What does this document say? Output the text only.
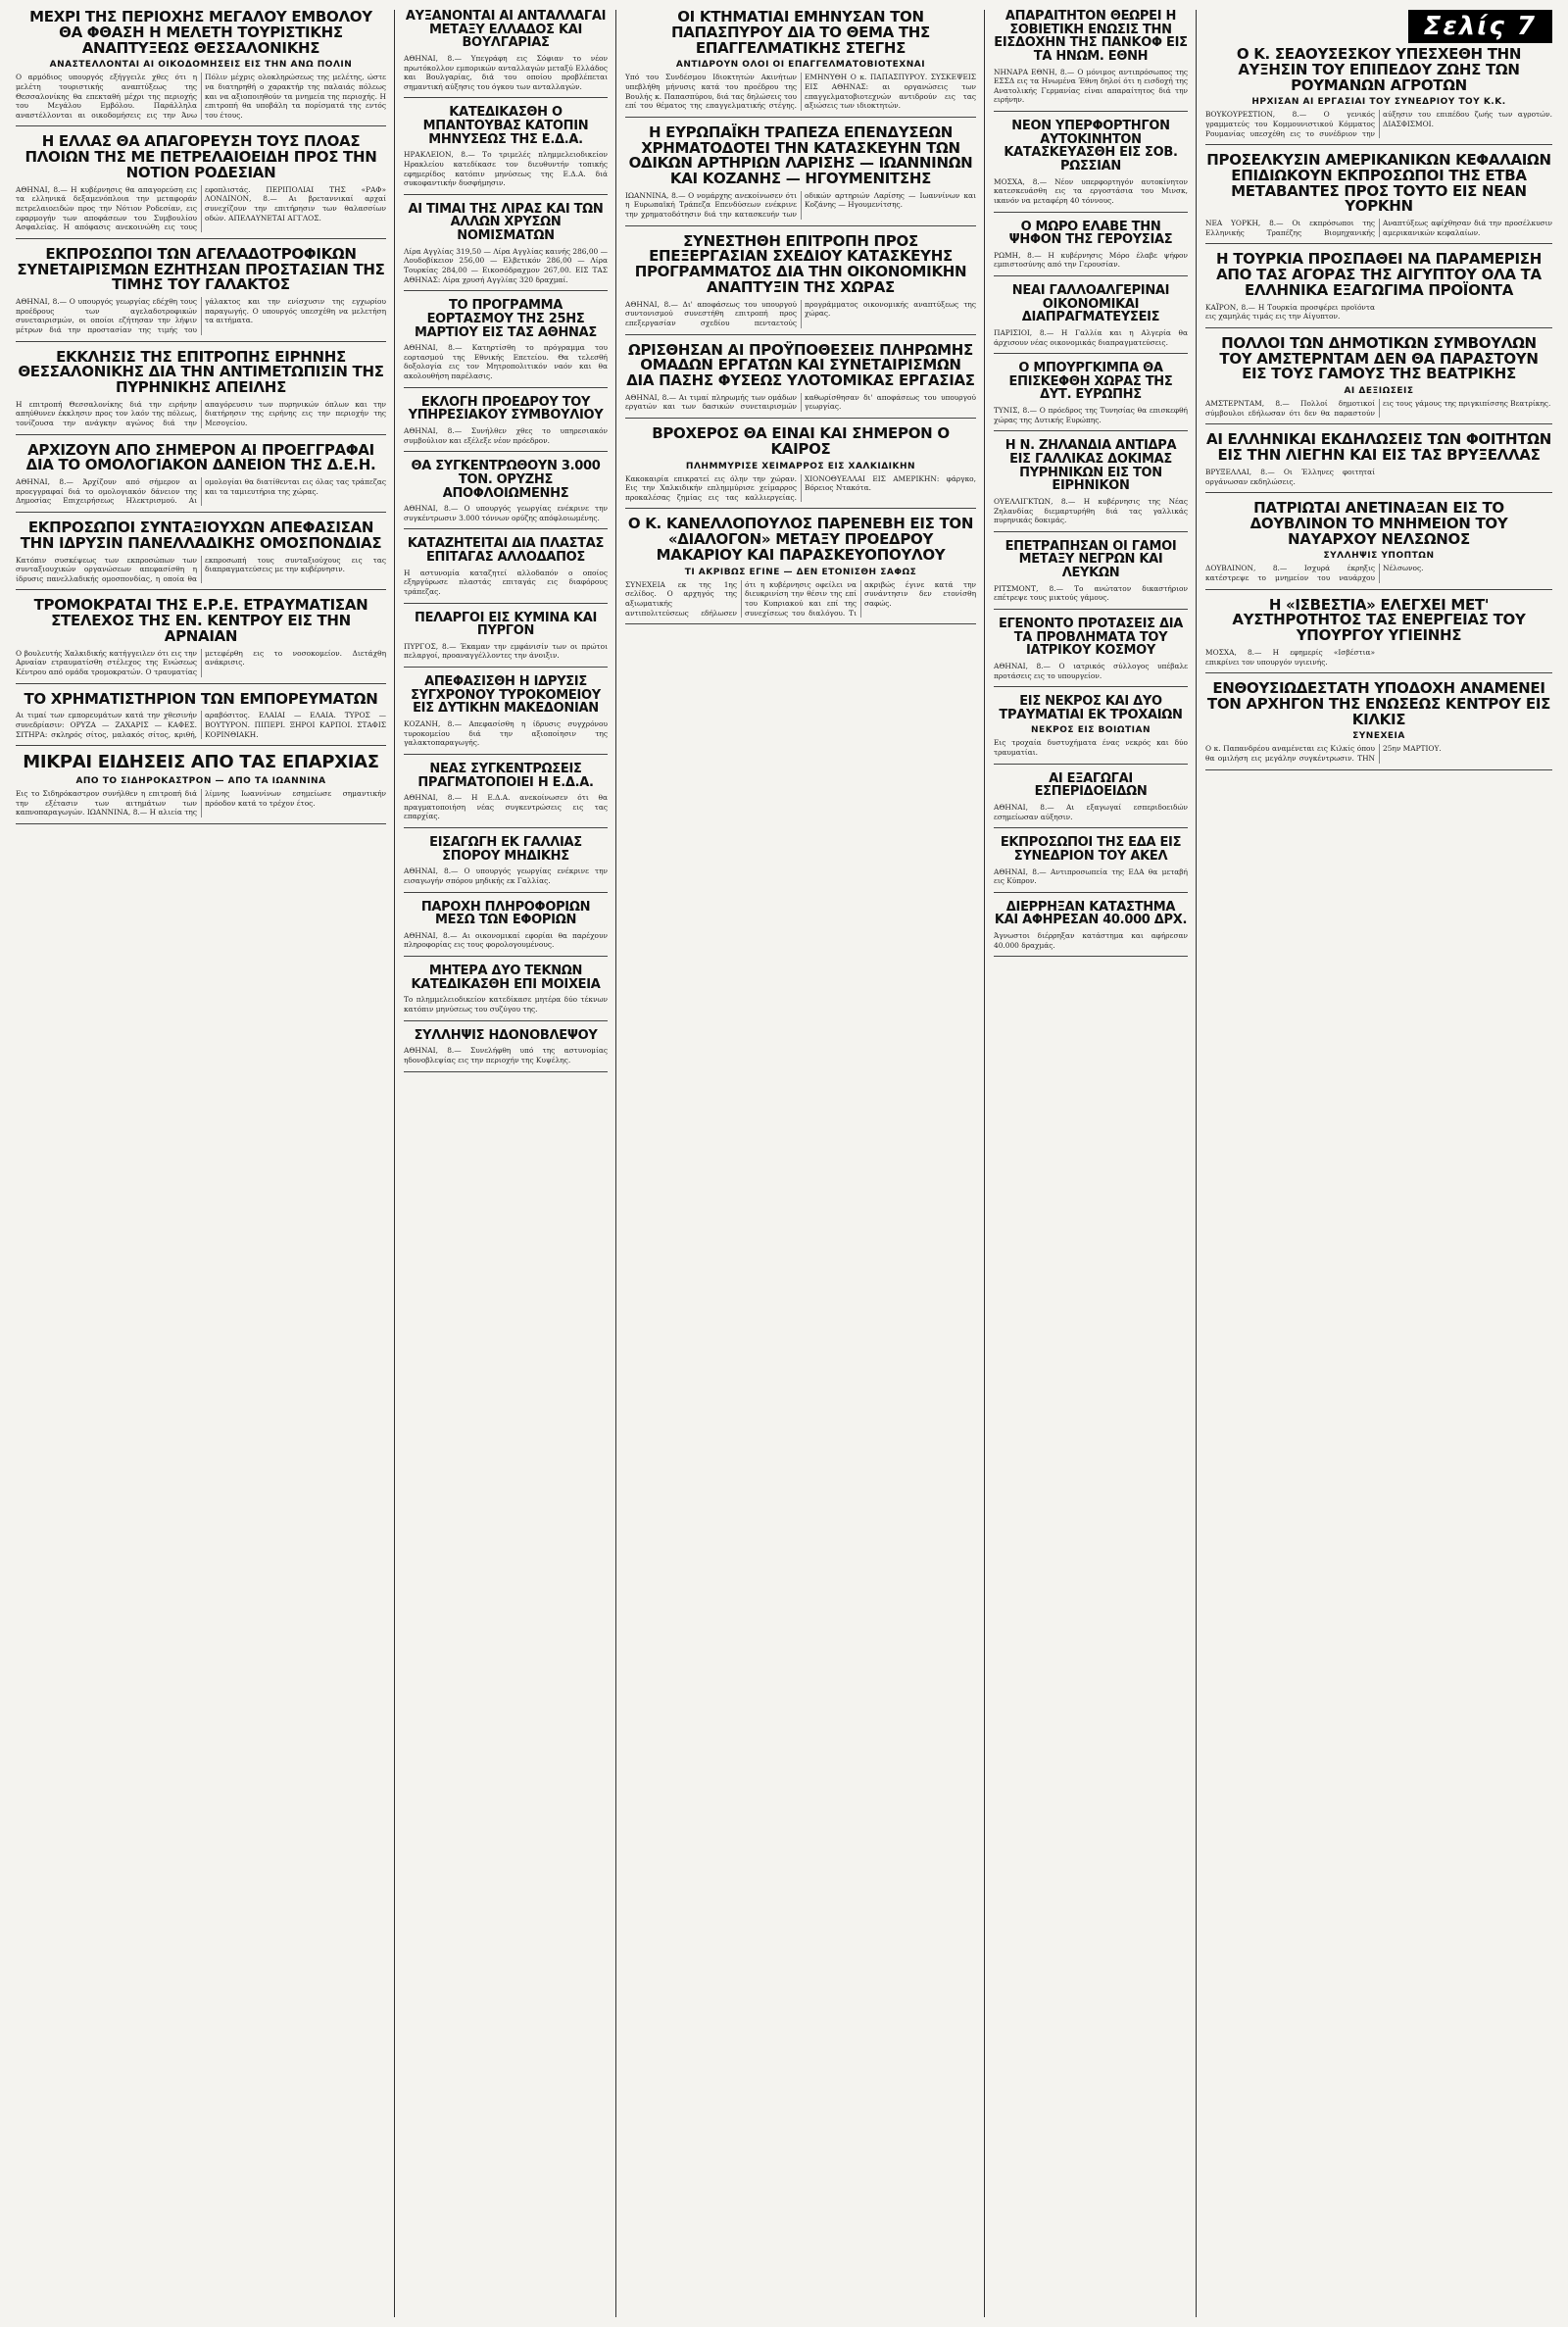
ΜΕΧΡΙ ΤΗΣ ΠΕΡΙΟΧΗΣ ΜΕΓΑΛΟΥ ΕΜΒΟΛΟΥ ΘΑ ΦΘΑΣΗ Η ΜΕΛΕΤΗ ΤΟΥΡΙΣΤΙΚΗΣ ΑΝΑΠΤΥΞΕΩΣ ΘΕΣΣΑΛΟΝΙΚΗΣ
ΑΝΑΣΤΕΛΛΟΝΤΑΙ ΑΙ ΟΙΚΟΔΟΜΗΣΕΙΣ ΕΙΣ ΤΗΝ ΑΝΩ ΠΟΛΙΝ

Ο αρμόδιος υπουργός εξήγγειλε χθες ότι η μελέτη τουριστικής αναπτύξεως της Θεσσαλονίκης θα επεκταθή μέχρι της περιοχής του Μεγάλου Εμβόλου. Παράλληλα αναστέλλονται αι οικοδομήσεις εις την Άνω Πόλιν μέχρις ολοκληρώσεως της μελέτης, ώστε να διατηρηθή ο χαρακτήρ της παλαιάς πόλεως και να αξιοποιηθούν τα μνημεία της περιοχής. Η επιτροπή θα υποβάλη τα πορίσματά της εντός του έτους.

Η ΕΛΛΑΣ ΘΑ ΑΠΑΓΟΡΕΥΣΗ ΤΟΥΣ ΠΛΟΑΣ ΠΛΟΙΩΝ ΤΗΣ ΜΕ ΠΕΤΡΕΛΑΙΟΕΙΔΗ ΠΡΟΣ ΤΗΝ ΝΟΤΙΟΝ ΡΟΔΕΣΙΑΝ

ΑΘΗΝΑΙ, 8.— Η κυβέρνησις θα απαγορεύση εις τα ελληνικά δεξαμενόπλοια την μεταφοράν πετρελαιοειδών προς την Νότιον Ροδεσίαν, εις εφαρμογήν των αποφάσεων του Συμβουλίου Ασφαλείας. Η απόφασις ανεκοινώθη εις τους εφοπλιστάς. ΠΕΡΙΠΟΛΙΑΙ ΤΗΣ «ΡΑΦ» ΛΟΝΔΙΝΟΝ, 8.— Αι βρεταννικαί αρχαί συνεχίζουν την επιτήρησιν των θαλασσίων οδών. ΑΠΕΛΑΥΝΕΤΑΙ ΑΓΓΛΟΣ.

ΕΚΠΡΟΣΩΠΟΙ ΤΩΝ ΑΓΕΛΑΔΟΤΡΟΦΙΚΩΝ ΣΥΝΕΤΑΙΡΙΣΜΩΝ ΕΖΗΤΗΣΑΝ ΠΡΟΣΤΑΣΙΑΝ ΤΗΣ ΤΙΜΗΣ ΤΟΥ ΓΑΛΑΚΤΟΣ

ΑΘΗΝΑΙ, 8.— Ο υπουργός γεωργίας εδέχθη τους προέδρους των αγελαδοτροφικών συνεταιρισμών, οι οποίοι εζήτησαν την λήψιν μέτρων διά την προστασίαν της τιμής του γάλακτος και την ενίσχυσιν της εγχωρίου παραγωγής. Ο υπουργός υπεσχέθη να μελετήση τα αιτήματα.

ΕΚΚΛΗΣΙΣ ΤΗΣ ΕΠΙΤΡΟΠΗΣ ΕΙΡΗΝΗΣ ΘΕΣΣΑΛΟΝΙΚΗΣ ΔΙΑ ΤΗΝ ΑΝΤΙΜΕΤΩΠΙΣΙΝ ΤΗΣ ΠΥΡΗΝΙΚΗΣ ΑΠΕΙΛΗΣ

Η επιτροπή Θεσσαλονίκης διά την ειρήνην απηύθυνεν έκκλησιν προς τον λαόν της πόλεως, τονίζουσα την ανάγκην αγώνος διά την απαγόρευσιν των πυρηνικών όπλων και την διατήρησιν της ειρήνης εις την περιοχήν της Μεσογείου.

ΑΡΧΙΖΟΥΝ ΑΠΟ ΣΗΜΕΡΟΝ ΑΙ ΠΡΟΕΓΓΡΑΦΑΙ ΔΙΑ ΤΟ ΟΜΟΛΟΓΙΑΚΟΝ ΔΑΝΕΙΟΝ ΤΗΣ Δ.Ε.Η.

ΑΘΗΝΑΙ, 8.— Άρχίζουν από σήμερον αι προεγγραφαί διά το ομολογιακόν δάνειον της Δημοσίας Επιχειρήσεως Ηλεκτρισμού. Αι ομολογίαι θα διατίθενται εις όλας τας τράπεζας και τα ταμιευτήρια της χώρας.

ΕΚΠΡΟΣΩΠΟΙ ΣΥΝΤΑΞΙΟΥΧΩΝ ΑΠΕΦΑΣΙΣΑΝ ΤΗΝ ΙΔΡΥΣΙΝ ΠΑΝΕΛΛΑΔΙΚΗΣ ΟΜΟΣΠΟΝΔΙΑΣ

Κατόπιν συσκέψεως των εκπροσώπων των συνταξιουχικών οργανώσεων απεφασίσθη η ίδρυσις πανελλαδικής ομοσπονδίας, η οποία θα εκπροσωπή τους συνταξιούχους εις τας διαπραγματεύσεις με την κυβέρνησιν.

ΤΡΟΜΟΚΡΑΤΑΙ ΤΗΣ Ε.Ρ.Ε. ΕΤΡΑΥΜΑΤΙΣΑΝ ΣΤΕΛΕΧΟΣ ΤΗΣ ΕΝ. ΚΕΝΤΡΟΥ ΕΙΣ ΤΗΝ ΑΡΝΑΙΑΝ

Ο βουλευτής Χαλκιδικής κατήγγειλεν ότι εις την Αρναίαν ετραυματίσθη στέλεχος της Ενώσεως Κέντρου από ομάδα τρομοκρατών. Ο τραυματίας μετεφέρθη εις το νοσοκομείον. Διετάχθη ανάκρισις.

ΤΟ ΧΡΗΜΑΤΙΣΤΗΡΙΟΝ ΤΩΝ ΕΜΠΟΡΕΥΜΑΤΩΝ

Αι τιμαί των εμπορευμάτων κατά την χθεσινήν συνεδρίασιν: ΟΡΥΖΑ — ΖΑΧΑΡΙΣ — ΚΑΦΕΣ. ΣΙΤΗΡΑ: σκληρός σίτος, μαλακός σίτος, κριθή, αραβόσιτος. ΕΛΑΙΑΙ — ΕΛΑΙΑ. ΤΥΡΟΣ — ΒΟΥΤΥΡΟΝ. ΠΙΠΕΡΙ. ΞΗΡΟΙ ΚΑΡΠΟΙ. ΣΤΑΦΙΣ ΚΟΡΙΝΘΙΑΚΗ.

ΜΙΚΡΑΙ ΕΙΔΗΣΕΙΣ ΑΠΟ ΤΑΣ ΕΠΑΡΧΙΑΣ
ΑΠΟ ΤΟ ΣΙΔΗΡΟΚΑΣΤΡΟΝ — ΑΠΟ ΤΑ ΙΩΑΝΝΙΝΑ

Εις το Σιδηρόκαστρον συνήλθεν η επιτροπή διά την εξέτασιν των αιτημάτων των καπνοπαραγωγών. ΙΩΑΝΝΙΝΑ, 8.— Η αλιεία της λίμνης Ιωαννίνων εσημείωσε σημαντικήν πρόοδον κατά το τρέχον έτος.

ΑΥΞΑΝΟΝΤΑΙ ΑΙ ΑΝΤΑΛΛΑΓΑΙ ΜΕΤΑΞΥ ΕΛΛΑΔΟΣ ΚΑΙ ΒΟΥΛΓΑΡΙΑΣ

ΑΘΗΝΑΙ, 8.— Υπεγράφη εις Σόφιαν το νέον πρωτόκολλον εμπορικών ανταλλαγών μεταξύ Ελλάδος και Βουλγαρίας, διά του οποίου προβλέπεται σημαντική αύξησις του όγκου των ανταλλαγών.

ΚΑΤΕΔΙΚΑΣΘΗ Ο ΜΠΑΝΤΟΥΒΑΣ ΚΑΤΟΠΙΝ ΜΗΝΥΣΕΩΣ ΤΗΣ Ε.Δ.Α.

ΗΡΑΚΛΕΙΟΝ, 8.— Το τριμελές πλημμελειοδικείον Ηρακλείου κατεδίκασε τον διευθυντήν τοπικής εφημερίδος κατόπιν μηνύσεως της Ε.Δ.Α. διά συκοφαντικήν δυσφήμησιν.

ΑΙ ΤΙΜΑΙ ΤΗΣ ΛΙΡΑΣ ΚΑΙ ΤΩΝ ΑΛΛΩΝ ΧΡΥΣΩΝ ΝΟΜΙΣΜΑΤΩΝ

Λίρα Αγγλίας 319,50 — Λίρα Αγγλίας καινής 286,00 — Λουδοβίκειον 256,00 — Ελβετικόν 286,00 — Λίρα Τουρκίας 284,00 — Εικοσόδραχμον 267,00. ΕΙΣ ΤΑΣ ΑΘΗΝΑΣ: Λίρα χρυσή Αγγλίας 320 δραχμαί.

ΤΟ ΠΡΟΓΡΑΜΜΑ ΕΟΡΤΑΣΜΟΥ ΤΗΣ 25ΗΣ ΜΑΡΤΙΟΥ ΕΙΣ ΤΑΣ ΑΘΗΝΑΣ

ΑΘΗΝΑΙ, 8.— Κατηρτίσθη το πρόγραμμα του εορτασμού της Εθνικής Επετείου. Θα τελεσθή δοξολογία εις τον Μητροπολιτικόν ναόν και θα ακολουθήση παρέλασις.

ΕΚΛΟΓΗ ΠΡΟΕΔΡΟΥ ΤΟΥ ΥΠΗΡΕΣΙΑΚΟΥ ΣΥΜΒΟΥΛΙΟΥ

ΑΘΗΝΑΙ, 8.— Συνήλθεν χθες το υπηρεσιακόν συμβούλιον και εξέλεξε νέον πρόεδρον.

ΘΑ ΣΥΓΚΕΝΤΡΩΘΟΥΝ 3.000 ΤΟΝ. ΟΡΥΖΗΣ ΑΠΟΦΛΟΙΩΜΕΝΗΣ

ΑΘΗΝΑΙ, 8.— Ο υπουργός γεωργίας ενέκρινε την συγκέντρωσιν 3.000 τόννων ορύζης απόφλοιωμένης.

ΚΑΤΑΖΗΤΕΙΤΑΙ ΔΙΑ ΠΛΑΣΤΑΣ ΕΠΙΤΑΓΑΣ ΑΛΛΟΔΑΠΟΣ

Η αστυνομία καταζητεί αλλοδαπόν ο οποίος εξηργύρωσε πλαστάς επιταγάς εις διαφόρους τράπεζας.

ΠΕΛΑΡΓΟΙ ΕΙΣ ΚΥΜΙΝΑ ΚΑΙ ΠΥΡΓΟΝ

ΠΥΡΓΟΣ, 8.— Έκαμαν την εμφάνισίν των οι πρώτοι πελαργοί, προαναγγέλλοντες την άνοιξιν.

ΑΠΕΦΑΣΙΣΘΗ Η ΙΔΡΥΣΙΣ ΣΥΓΧΡΟΝΟΥ ΤΥΡΟΚΟΜΕΙΟΥ ΕΙΣ ΔΥΤΙΚΗΝ ΜΑΚΕΔΟΝΙΑΝ

ΚΟΖΑΝΗ, 8.— Απεφασίσθη η ίδρυσις συγχρόνου τυροκομείου διά την αξιοποίησιν της γαλακτοπαραγωγής.

ΝΕΑΣ ΣΥΓΚΕΝΤΡΩΣΕΙΣ ΠΡΑΓΜΑΤΟΠΟΙΕΙ Η Ε.Δ.Α.

ΑΘΗΝΑΙ, 8.— Η Ε.Δ.Α. ανεκοίνωσεν ότι θα πραγματοποιήση νέας συγκεντρώσεις εις τας επαρχίας.

ΕΙΣΑΓΩΓΗ ΕΚ ΓΑΛΛΙΑΣ ΣΠΟΡΟΥ ΜΗΔΙΚΗΣ

ΑΘΗΝΑΙ, 8.— Ο υπουργός γεωργίας ενέκρινε την εισαγωγήν σπόρου μηδικής εκ Γαλλίας.

ΠΑΡΟΧΗ ΠΛΗΡΟΦΟΡΙΩΝ ΜΕΣΩ ΤΩΝ ΕΦΟΡΙΩΝ

ΑΘΗΝΑΙ, 8.— Αι οικονομικαί εφορίαι θα παρέχουν πληροφορίας εις τους φορολογουμένους.

ΜΗΤΕΡΑ ΔΥΟ ΤΕΚΝΩΝ ΚΑΤΕΔΙΚΑΣΘΗ ΕΠΙ ΜΟΙΧΕΙΑ

Το πλημμελειοδικείον κατεδίκασε μητέρα δύο τέκνων κατόπιν μηνύσεως του συζύγου της.

ΣΥΛΛΗΨΙΣ ΗΔΟΝΟΒΛΕΨΟΥ

ΑΘΗΝΑΙ, 8.— Συνελήφθη υπό της αστυνομίας ηδονοβλεψίας εις την περιοχήν της Κυψέλης.

ΟΙ ΚΤΗΜΑΤΙΑΙ ΕΜΗΝΥΣΑΝ ΤΟΝ ΠΑΠΑΣΠΥΡΟΥ ΔΙΑ ΤΟ ΘΕΜΑ ΤΗΣ ΕΠΑΓΓΕΛΜΑΤΙΚΗΣ ΣΤΕΓΗΣ
ΑΝΤΙΔΡΟΥΝ ΟΛΟΙ ΟΙ ΕΠΑΓΓΕΛΜΑΤΟΒΙΟΤΕΧΝΑΙ

Υπό του Συνδέσμου Ιδιοκτητών Ακινήτων υπεβλήθη μήνυσις κατά του προέδρου της Βουλής κ. Παπασπύρου, διά τας δηλώσεις του επί του θέματος της επαγγελματικής στέγης. ΕΜΗΝΥΘΗ Ο κ. ΠΑΠΑΣΠΥΡΟΥ. ΣΥΣΚΕΨΕΙΣ ΕΙΣ ΑΘΗΝΑΣ: αι οργανώσεις των επαγγελματοβιοτεχνών αντιδρούν εις τας αξιώσεις των ιδιοκτητών.

Η ΕΥΡΩΠΑΪΚΗ ΤΡΑΠΕΖΑ ΕΠΕΝΔΥΣΕΩΝ ΧΡΗΜΑΤΟΔΟΤΕΙ ΤΗΝ ΚΑΤΑΣΚΕΥΗΝ ΤΩΝ ΟΔΙΚΩΝ ΑΡΤΗΡΙΩΝ ΛΑΡΙΣΗΣ — ΙΩΑΝΝΙΝΩΝ ΚΑΙ ΚΟΖΑΝΗΣ — ΗΓΟΥΜΕΝΙΤΣΗΣ

ΙΩΑΝΝΙΝΑ, 8.— Ο νομάρχης ανεκοίνωσεν ότι η Ευρωπαϊκή Τράπεζα Επενδύσεων ενέκρινε την χρηματοδότησιν διά την κατασκευήν των οδικών αρτηριών Λαρίσης — Ιωαννίνων και Κοζάνης — Ηγουμενίτσης.

ΣΥΝΕΣΤΗΘΗ ΕΠΙΤΡΟΠΗ ΠΡΟΣ ΕΠΕΞΕΡΓΑΣΙΑΝ ΣΧΕΔΙΟΥ ΚΑΤΑΣΚΕΥΗΣ ΠΡΟΓΡΑΜΜΑΤΟΣ ΔΙΑ ΤΗΝ ΟΙΚΟΝΟΜΙΚΗΝ ΑΝΑΠΤΥΞΙΝ ΤΗΣ ΧΩΡΑΣ

ΑΘΗΝΑΙ, 8.— Δι' αποφάσεως του υπουργού συντονισμού συνεστήθη επιτροπή προς επεξεργασίαν σχεδίου πενταετούς προγράμματος οικονομικής αναπτύξεως της χώρας.

ΩΡΙΣΘΗΣΑΝ ΑΙ ΠΡΟΫΠΟΘΕΣΕΙΣ ΠΛΗΡΩΜΗΣ ΟΜΑΔΩΝ ΕΡΓΑΤΩΝ ΚΑΙ ΣΥΝΕΤΑΙΡΙΣΜΩΝ ΔΙΑ ΠΑΣΗΣ ΦΥΣΕΩΣ ΥΛΟΤΟΜΙΚΑΣ ΕΡΓΑΣΙΑΣ

ΑΘΗΝΑΙ, 8.— Αι τιμαί πληρωμής των ομάδων εργατών και των δασικών συνεταιρισμών καθωρίσθησαν δι' αποφάσεως του υπουργού γεωργίας.

ΒΡΟΧΕΡΟΣ ΘΑ ΕΙΝΑΙ ΚΑΙ ΣΗΜΕΡΟΝ Ο ΚΑΙΡΟΣ
ΠΛΗΜΜΥΡΙΣΕ ΧΕΙΜΑΡΡΟΣ ΕΙΣ ΧΑΛΚΙΔΙΚΗΝ

Κακοκαιρία επικρατεί εις όλην την χώραν. Εις την Χαλκιδικήν επλημμύρισε χείμαρρος προκαλέσας ζημίας εις τας καλλιεργείας. ΧΙΟΝΟΘΥΕΛΛΑΙ ΕΙΣ ΑΜΕΡΙΚΗΝ: φάργκο, Βόρειος Ντακότα.

Ο Κ. ΚΑΝΕΛΛΟΠΟΥΛΟΣ ΠΑΡΕΝΕΒΗ ΕΙΣ ΤΟΝ «ΔΙΑΛΟΓΟΝ» ΜΕΤΑΞΥ ΠΡΟΕΔΡΟΥ ΜΑΚΑΡΙΟΥ ΚΑΙ ΠΑΡΑΣΚΕΥΟΠΟΥΛΟΥ
ΤΙ ΑΚΡΙΒΩΣ ΕΓΙΝΕ — ΔΕΝ ΕΤΟΝΙΣΘΗ ΣΑΦΩΣ

ΣΥΝΕΧΕΙΑ εκ της 1ης σελίδος. Ο αρχηγός της αξιωματικής αντιπολιτεύσεως εδήλωσεν ότι η κυβέρνησις οφείλει να διευκρινίση την θέσιν της επί του Κυπριακού και επί της συνεχίσεως του διαλόγου. Τι ακριβώς έγινε κατά την συνάντησιν δεν ετονίσθη σαφώς.

ΑΠΑΡΑΙΤΗΤΟΝ ΘΕΩΡΕΙ Η ΣΟΒΙΕΤΙΚΗ ΕΝΩΣΙΣ ΤΗΝ ΕΙΣΔΟΧΗΝ ΤΗΣ ΠΑΝΚΟΦ ΕΙΣ ΤΑ ΗΝΩΜ. ΕΘΝΗ

ΝΗΝΑΡΑ ΕΘΝΗ, 8.— Ο μόνιμος αντιπρόσωπος της ΕΣΣΔ εις τα Ηνωμένα Έθνη δηλοί ότι η εισδοχή της Ανατολικής Γερμανίας είναι απαραίτητος διά την ειρήνην.

ΝΕΟΝ ΥΠΕΡΦΟΡΤΗΓΟΝ ΑΥΤΟΚΙΝΗΤΟΝ ΚΑΤΑΣΚΕΥΑΣΘΗ ΕΙΣ ΣΟΒ. ΡΩΣΣΙΑΝ

ΜΟΣΧΑ, 8.— Νέον υπερφορτηγόν αυτοκίνητον κατεσκευάσθη εις τα εργοστάσια του Μινσκ, ικανόν να μεταφέρη 40 τόννους.

Ο ΜΩΡΟ ΕΛΑΒΕ ΤΗΝ ΨΗΦΟΝ ΤΗΣ ΓΕΡΟΥΣΙΑΣ

ΡΩΜΗ, 8.— Η κυβέρνησις Μόρο έλαβε ψήφον εμπιστοσύνης από την Γερουσίαν.

ΝΕΑΙ ΓΑΛΛΟΑΛΓΕΡΙΝΑΙ ΟΙΚΟΝΟΜΙΚΑΙ ΔΙΑΠΡΑΓΜΑΤΕΥΣΕΙΣ

ΠΑΡΙΣΙΟΙ, 8.— Η Γαλλία και η Αλγερία θα άρχισουν νέας οικονομικάς διαπραγματεύσεις.

Ο ΜΠΟΥΡΓΚΙΜΠΑ ΘΑ ΕΠΙΣΚΕΦΘΗ ΧΩΡΑΣ ΤΗΣ ΔΥΤ. ΕΥΡΩΠΗΣ

ΤΥΝΙΣ, 8.— Ο πρόεδρος της Τυνησίας θα επισκεφθή χώρας της Δυτικής Ευρώπης.

Η Ν. ΖΗΛΑΝΔΙΑ ΑΝΤΙΔΡΑ ΕΙΣ ΓΑΛΛΙΚΑΣ ΔΟΚΙΜΑΣ ΠΥΡΗΝΙΚΩΝ ΕΙΣ ΤΟΝ ΕΙΡΗΝΙΚΟΝ

ΟΥΕΛΛΙΓΚΤΩΝ, 8.— Η κυβέρνησις της Νέας Ζηλανδίας διεμαρτυρήθη διά τας γαλλικάς πυρηνικάς δοκιμάς.

ΕΠΕΤΡΑΠΗΣΑΝ ΟΙ ΓΑΜΟΙ ΜΕΤΑΞΥ ΝΕΓΡΩΝ ΚΑΙ ΛΕΥΚΩΝ

ΡΙΤΣΜΟΝΤ, 8.— Το ανώτατον δικαστήριον επέτρεψε τους μικτούς γάμους.

ΕΓΕΝΟΝΤΟ ΠΡΟΤΑΣΕΙΣ ΔΙΑ ΤΑ ΠΡΟΒΛΗΜΑΤΑ ΤΟΥ ΙΑΤΡΙΚΟΥ ΚΟΣΜΟΥ

ΑΘΗΝΑΙ, 8.— Ο ιατρικός σύλλογος υπέβαλε προτάσεις εις το υπουργείον.

ΕΙΣ ΝΕΚΡΟΣ ΚΑΙ ΔΥΟ ΤΡΑΥΜΑΤΙΑΙ ΕΚ ΤΡΟΧΑΙΩΝ
ΝΕΚΡΟΣ ΕΙΣ ΒΟΙΩΤΙΑΝ

Εις τροχαία δυστυχήματα ένας νεκρός και δύο τραυματίαι.

ΑΙ ΕΞΑΓΩΓΑΙ ΕΣΠΕΡΙΔΟΕΙΔΩΝ

ΑΘΗΝΑΙ, 8.— Αι εξαγωγαί εσπεριδοειδών εσημείωσαν αύξησιν.

ΕΚΠΡΟΣΩΠΟΙ ΤΗΣ ΕΔΑ ΕΙΣ ΣΥΝΕΔΡΙΟΝ ΤΟΥ ΑΚΕΛ

ΑΘΗΝΑΙ, 8.— Αντιπροσωπεία της ΕΔΑ θα μεταβή εις Κύπρον.

ΔΙΕΡΡΗΞΑΝ ΚΑΤΑΣΤΗΜΑ ΚΑΙ ΑΦΗΡΕΣΑΝ 40.000 ΔΡΧ.

Άγνωστοι διέρρηξαν κατάστημα και αφήρεσαν 40.000 δραχμάς.

Σελίς 7
Ο Κ. ΣΕΑΟΥΣΕΣΚΟΥ ΥΠΕΣΧΕΘΗ ΤΗΝ ΑΥΞΗΣΙΝ ΤΟΥ ΕΠΙΠΕΔΟΥ ΖΩΗΣ ΤΩΝ ΡΟΥΜΑΝΩΝ ΑΓΡΟΤΩΝ
ΗΡΧΙΣΑΝ ΑΙ ΕΡΓΑΣΙΑΙ ΤΟΥ ΣΥΝΕΔΡΙΟΥ ΤΟΥ Κ.Κ.

ΒΟΥΚΟΥΡΕΣΤΙΟΝ, 8.— Ο γενικός γραμματεύς του Κομμουνιστικού Κόμματος Ρουμανίας υπεσχέθη εις το συνέδριον την αύξησιν του επιπέδου ζωής των αγροτών. ΔΙΑΣΦΙΣΜΟΙ.

ΠΡΟΣΕΛΚΥΣΙΝ ΑΜΕΡΙΚΑΝΙΚΩΝ ΚΕΦΑΛΑΙΩΝ ΕΠΙΔΙΩΚΟΥΝ ΕΚΠΡΟΣΩΠΟΙ ΤΗΣ ΕΤΒΑ ΜΕΤΑΒΑΝΤΕΣ ΠΡΟΣ ΤΟΥΤΟ ΕΙΣ ΝΕΑΝ ΥΟΡΚΗΝ

ΝΕΑ ΥΟΡΚΗ, 8.— Οι εκπρόσωποι της Ελληνικής Τραπέζης Βιομηχανικής Αναπτύξεως αφίχθησαν διά την προσέλκυσιν αμερικανικών κεφαλαίων.

Η ΤΟΥΡΚΙΑ ΠΡΟΣΠΑΘΕΙ ΝΑ ΠΑΡΑΜΕΡΙΣΗ ΑΠΟ ΤΑΣ ΑΓΟΡΑΣ ΤΗΣ ΑΙΓΥΠΤΟΥ ΟΛΑ ΤΑ ΕΛΛΗΝΙΚΑ ΕΞΑΓΩΓΙΜΑ ΠΡΟΪΟΝΤΑ

ΚΑΪΡΟΝ, 8.— Η Τουρκία προσφέρει προϊόντα εις χαμηλάς τιμάς εις την Αίγυπτον.

ΠΟΛΛΟΙ ΤΩΝ ΔΗΜΟΤΙΚΩΝ ΣΥΜΒΟΥΛΩΝ ΤΟΥ ΑΜΣΤΕΡΝΤΑΜ ΔΕΝ ΘΑ ΠΑΡΑΣΤΟΥΝ ΕΙΣ ΤΟΥΣ ΓΑΜΟΥΣ ΤΗΣ ΒΕΑΤΡΙΚΗΣ
ΑΙ ΔΕΞΙΩΣΕΙΣ

ΑΜΣΤΕΡΝΤΑΜ, 8.— Πολλοί δημοτικοί σύμβουλοι εδήλωσαν ότι δεν θα παραστούν εις τους γάμους της πριγκιπίσσης Βεατρίκης.

ΑΙ ΕΛΛΗΝΙΚΑΙ ΕΚΔΗΛΩΣΕΙΣ ΤΩΝ ΦΟΙΤΗΤΩΝ ΕΙΣ ΤΗΝ ΛΙΕΓΗΝ ΚΑΙ ΕΙΣ ΤΑΣ ΒΡΥΞΕΛΛΑΣ

ΒΡΥΞΕΛΛΑΙ, 8.— Οι Έλληνες φοιτηταί οργάνωσαν εκδηλώσεις.

ΠΑΤΡΙΩΤΑΙ ΑΝΕΤΙΝΑΞΑΝ ΕΙΣ ΤΟ ΔΟΥΒΛΙΝΟΝ ΤΟ ΜΝΗΜΕΙΟΝ ΤΟΥ ΝΑΥΑΡΧΟΥ ΝΕΛΣΩΝΟΣ
ΣΥΛΛΗΨΙΣ ΥΠΟΠΤΩΝ

ΔΟΥΒΛΙΝΟΝ, 8.— Ισχυρά έκρηξις κατέστρεψε το μνημείον του ναυάρχου Νέλσωνος.

Η «ΙΣΒΕΣΤΙΑ» ΕΛΕΓΧΕΙ ΜΕΤ' ΑΥΣΤΗΡΟΤΗΤΟΣ ΤΑΣ ΕΝΕΡΓΕΙΑΣ ΤΟΥ ΥΠΟΥΡΓΟΥ ΥΓΙΕΙΝΗΣ

ΜΟΣΧΑ, 8.— Η εφημερίς «Ισβέστια» επικρίνει τον υπουργόν υγιεινής.

ΕΝΘΟΥΣΙΩΔΕΣΤΑΤΗ ΥΠΟΔΟΧΗ ΑΝΑΜΕΝΕΙ ΤΟΝ ΑΡΧΗΓΟΝ ΤΗΣ ΕΝΩΣΕΩΣ ΚΕΝΤΡΟΥ ΕΙΣ ΚΙΛΚΙΣ
ΣΥΝΕΧΕΙΑ

Ο κ. Παπανδρέου αναμένεται εις Κιλκίς όπου θα ομιλήση εις μεγάλην συγκέντρωσιν. ΤΗΝ 25ην ΜΑΡΤΙΟΥ.
